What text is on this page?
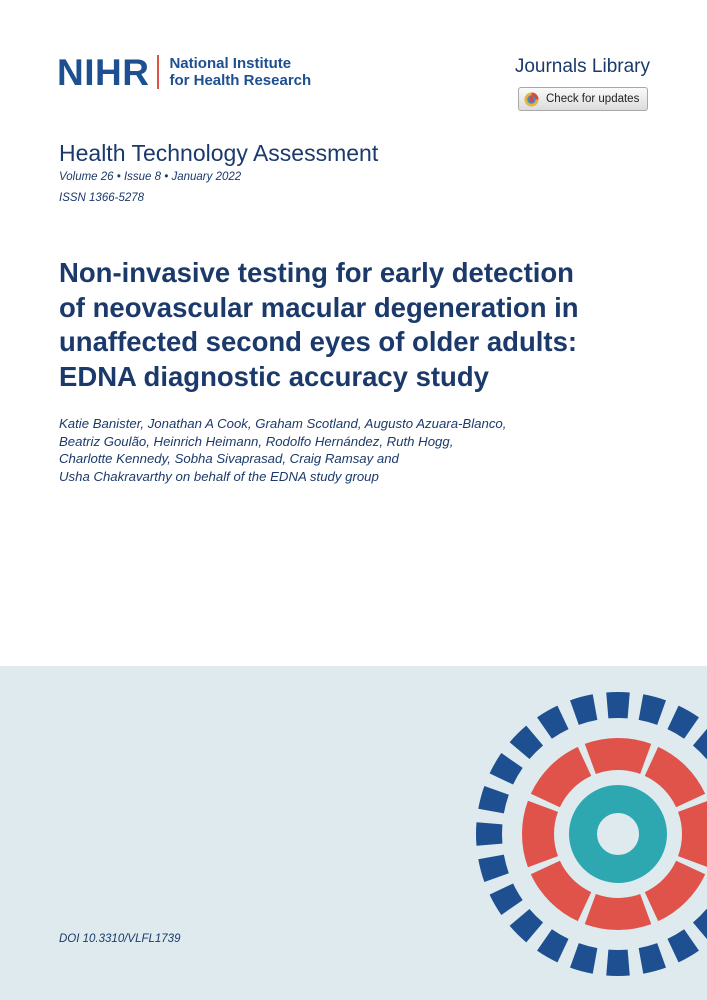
NIHR National Institute
for Health Research
Journals Library
Check for updates
Health Technology Assessment
Volume 26 • Issue 8 • January 2022
ISSN 1366-5278
Non-invasive testing for early detection
of neovascular macular degeneration in
unaffected second eyes of older adults:
EDNA diagnostic accuracy study
Katie Banister, Jonathan A Cook, Graham Scotland, Augusto Azuara-Blanco,
Beatriz Goulão, Heinrich Heimann, Rodolfo Hernández, Ruth Hogg,
Charlotte Kennedy, Sobha Sivaprasad, Craig Ramsay and
Usha Chakravarthy on behalf of the EDNA study group
DOI 10.3310/VLFL1739
